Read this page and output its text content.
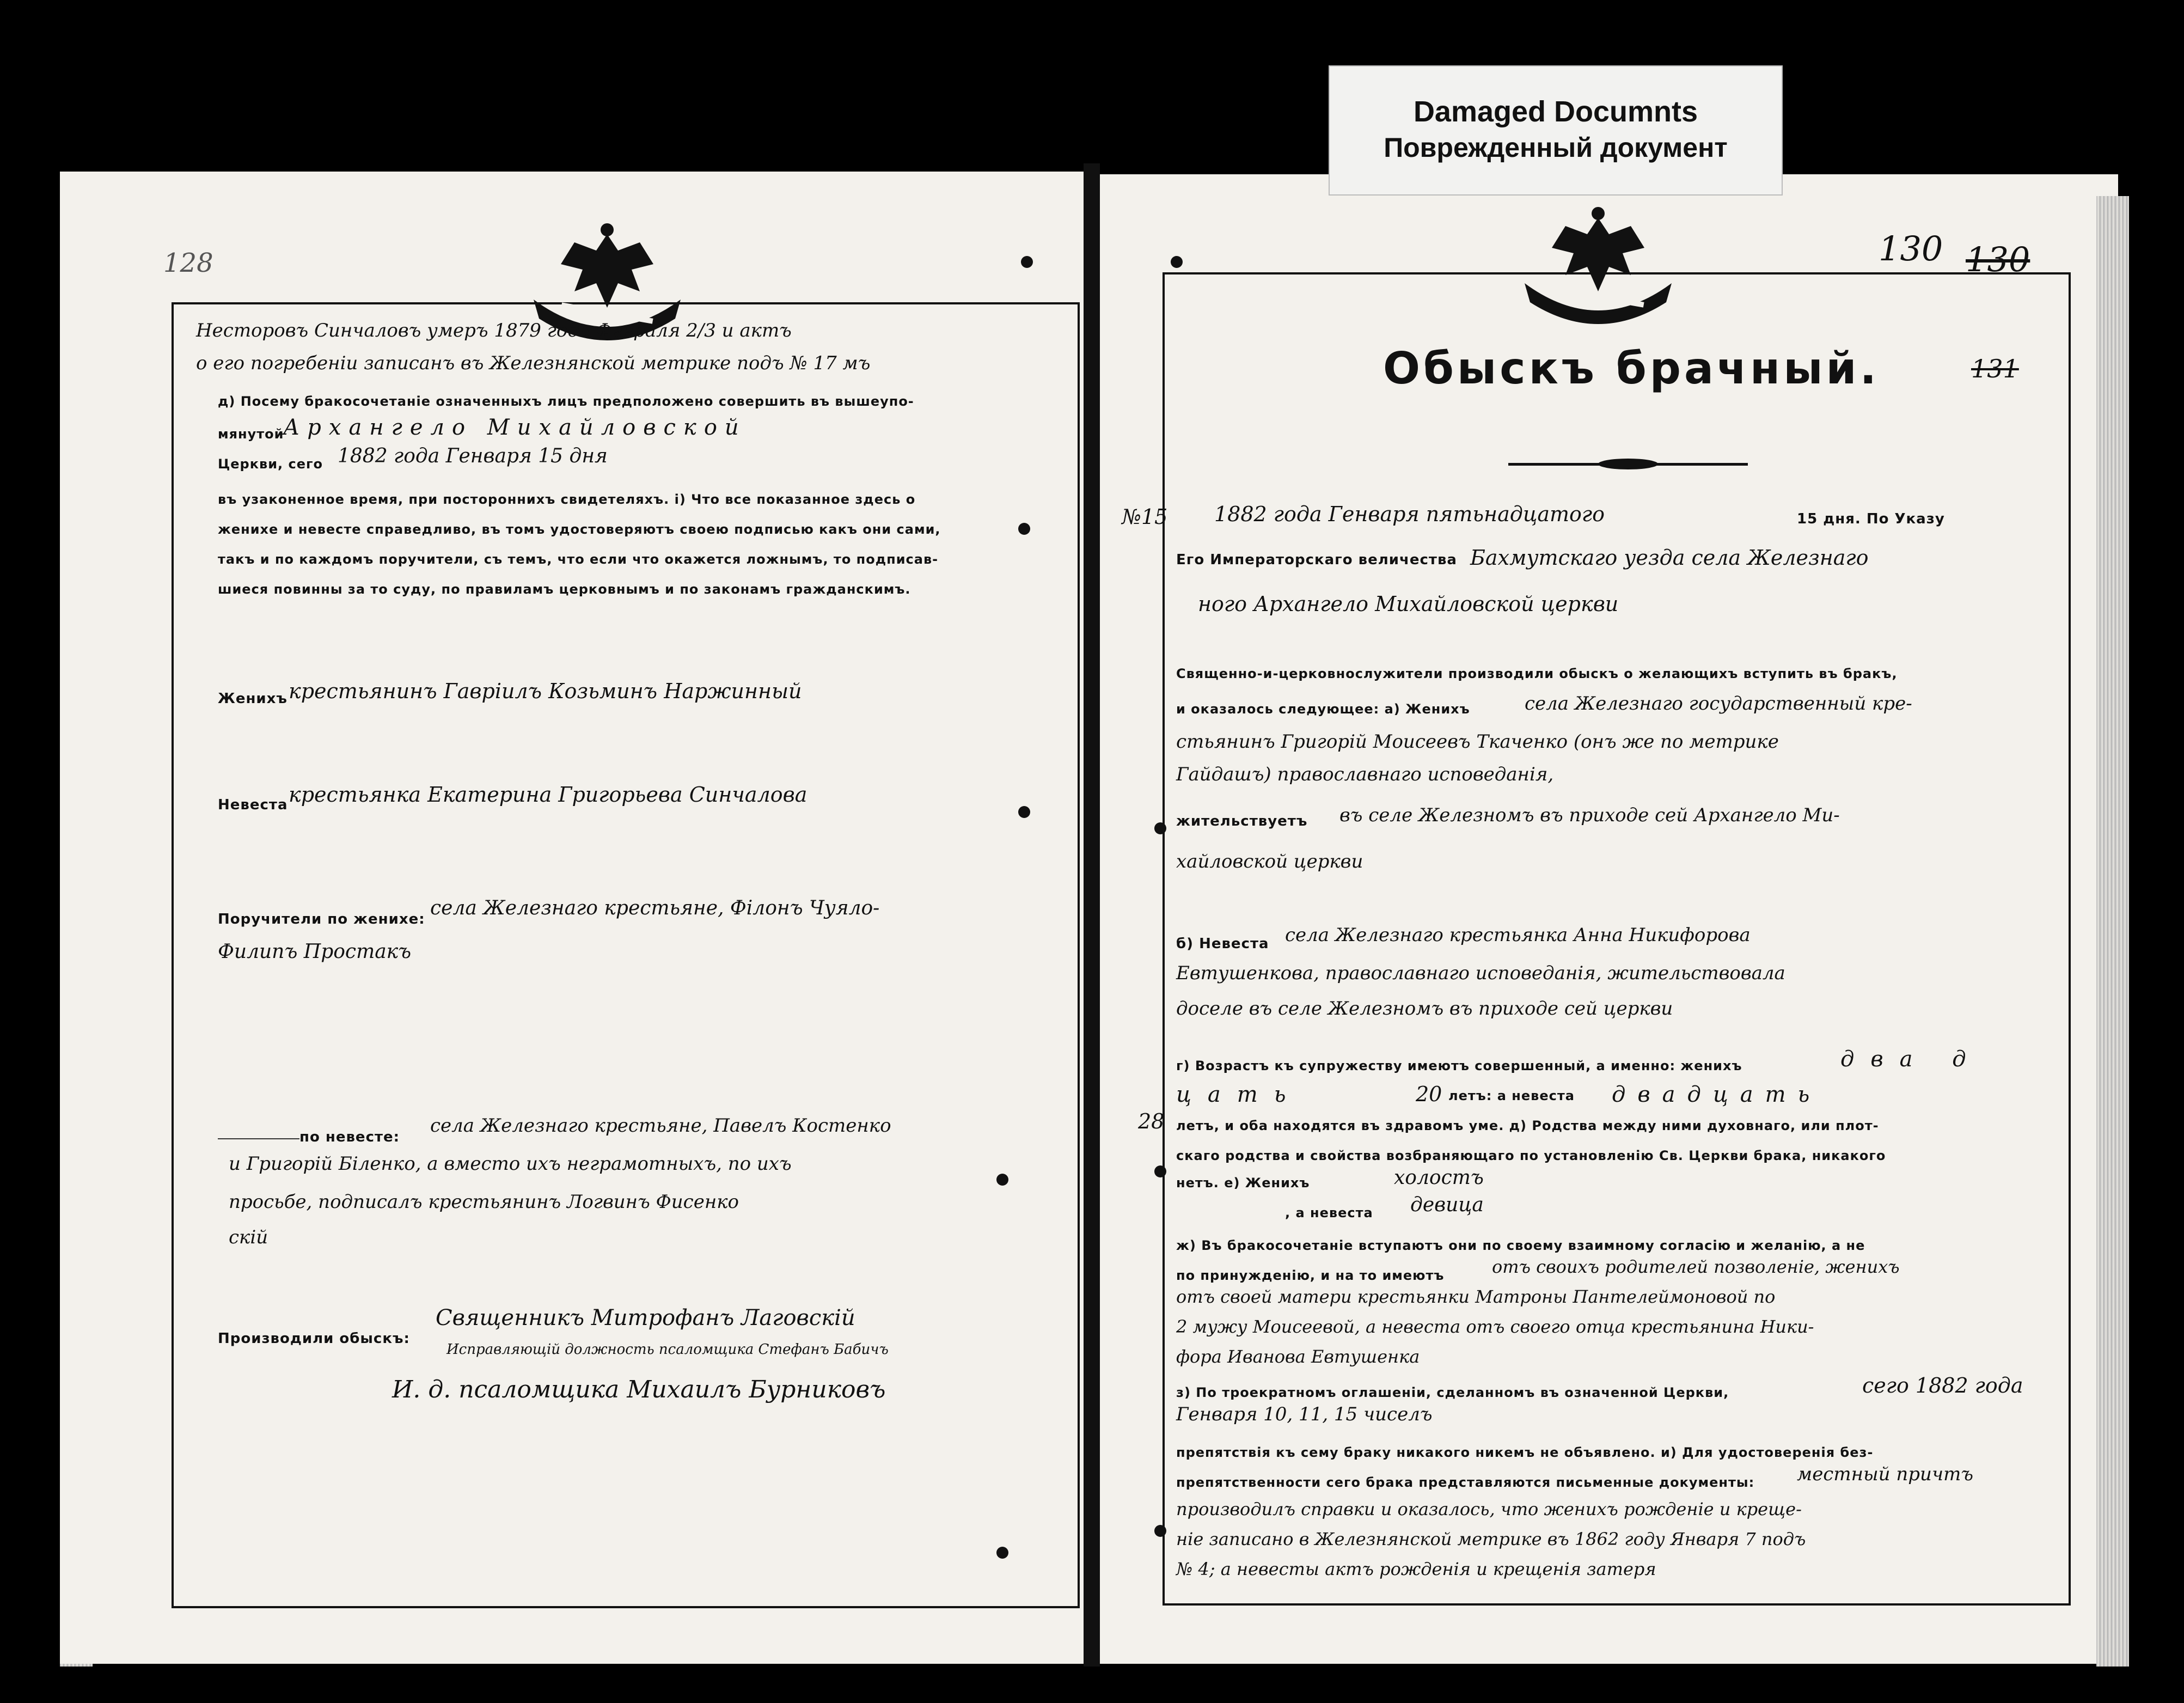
Damaged Documnts
Поврежденный документ
130 130
128
Обыскъ брачный.	131
№15 1882 года Генваря пятьнадцатого	15 дня. По Указу
Его Императорскаго величества Бахмутскаго уезда села Железнаго
ного Архангело Михайловской церкви
Священно-и-церковнослужители производили обыскъ о желающихъ вступить въ бракъ,
и оказалось следующее: а) Женихъ	села Железнаго государственный кре-
стьянинъ Григорiй Моисеевъ Ткаченко (онъ же по метрике
Гайдашъ) православнаго исповеданiя,
жительствуетъ въ селе Железномъ въ приходе сей Архангело Ми-
хайловской церкви
б) Невеста села Железнаго крестьянка Анна Никифорова
Евтушенкова, православнаго исповеданiя, жительствовала
доселе въ селе Железномъ въ приходе сей церкви
г) Возрастъ къ супружеству имеютъ совершенный, а именно: женихъ	два д
цать	20 летъ: а невеста двадцать
28 летъ, и оба находятся въ здравомъ уме. д) Родства между ними духовнаго, или плот-
скаго родства и свойства возбраняющаго по установленiю Св. Церкви брака, никакого
нетъ. е) Женихъ	холостъ
, а невеста девица
ж) Въ бракосочетанiе вступаютъ они по своему взаимному согласiю и желанiю, а не
по принужденiю, и на то имеютъ	отъ своихъ родителей позволенiе, женихъ
отъ своей матери крестьянки Матроны Пантелеймоновой по
2 мужу Моисеевой, а невеста отъ своего отца крестьянина Ники-
фора Иванова Евтушенка
з) По троекратномъ оглашенiи, сделанномъ въ означенной Церкви,	сего 1882 года
Генваря 10, 11, 15 чиселъ
препятствiя къ сему браку никакого никемъ не объявлено. и) Для удостоверенiя без-
препятственности сего брака представляются письменные документы: местный причтъ
производилъ справки и оказалось, что женихъ рожденiе и креще-
нiе записано в Железнянской метрике въ 1862 году Января 7 подъ
№ 4; а невесты актъ рожденiя и крещенiя затеря
Несторовъ Синчаловъ умеръ 1879 года Февраля 2/3 и актъ
о его погребенiи записанъ въ Железнянской метрике подъ № 17 мъ
д) Посему бракосочетанiе означенныхъ лицъ предположено совершить въ вышеупо-
мянутой
Архангело Михайловской
Церкви, сего 1882 года Генваря 15 дня
въ узаконенное время, при постороннихъ свидетеляхъ. i) Что все показанное здесь о
женихе и невесте справедливо, въ томъ удостоверяютъ своею подписью какъ они сами,
такъ и по каждомъ поручители, съ темъ, что если что окажется ложнымъ, то подписав-
шиеся повинны за то суду, по правиламъ церковнымъ и по законамъ гражданскимъ.
Женихъ крестьянинъ Гаврiилъ Козьминъ Наржинный
Невеста крестьянка Екатерина Григорьева Синчалова
Поручители по женихе: села Железнаго крестьяне, Фiлонъ Чуяло-
Филипъ Простакъ
по невесте:
села Железнаго крестьяне, Павелъ Костенко
и Григорiй Бiленко, а вместо ихъ неграмотныхъ, по ихъ
просьбе, подписалъ крестьянинъ Логвинъ Фисенко
скiй
Производили обыскъ:
Священникъ Митрофанъ Лаговскiй
Исправляющiй должность псаломщика Стефанъ Бабичъ
И. д. псаломщика Михаилъ Бурниковъ
